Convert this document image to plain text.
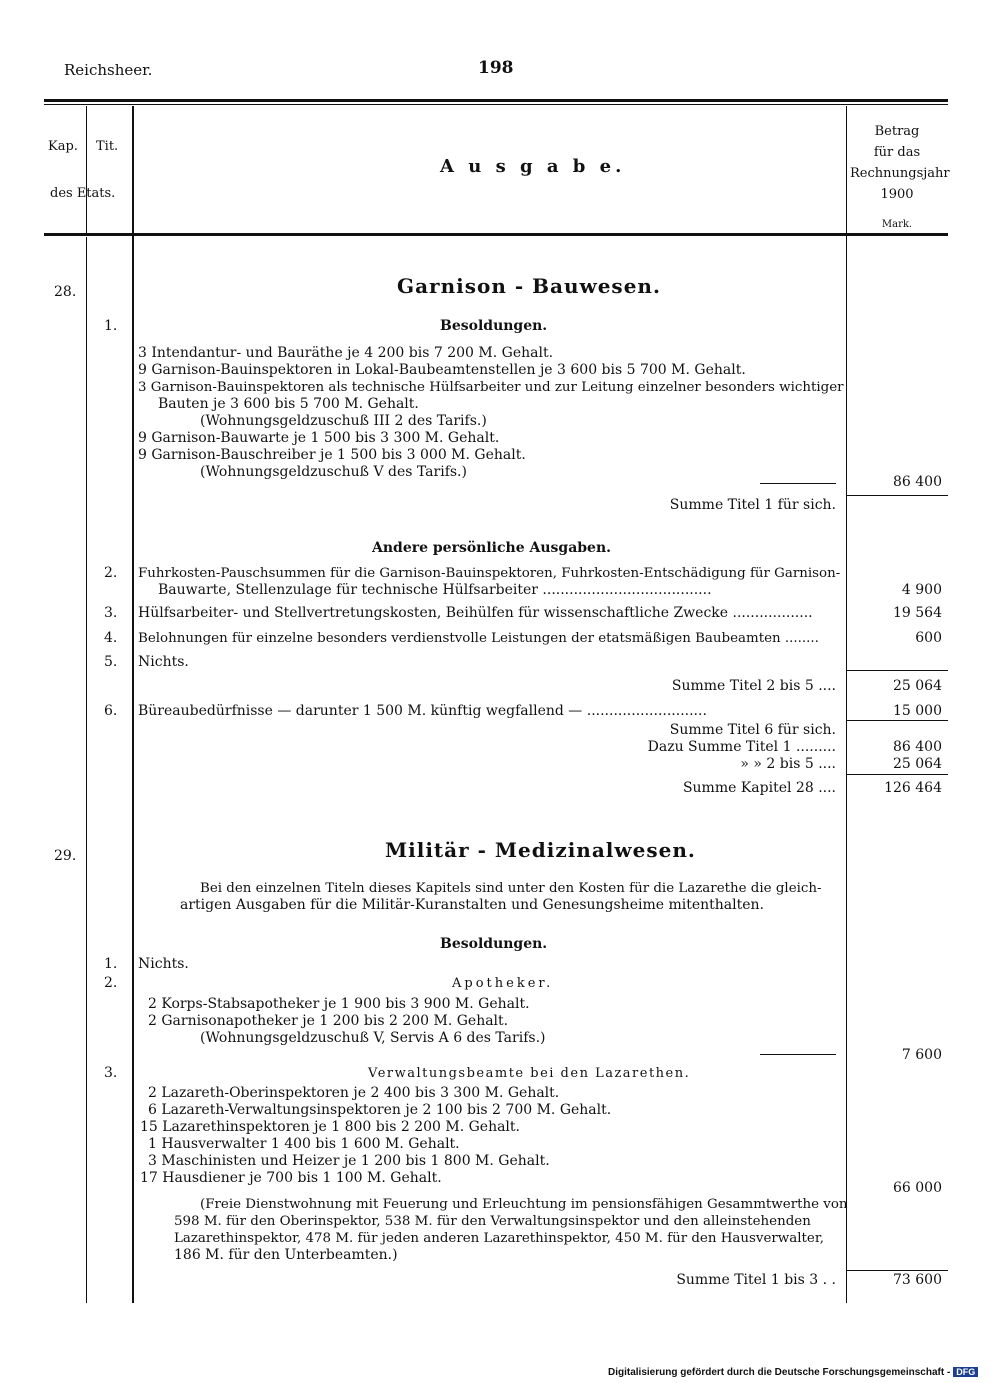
Reichsheer.	198
Kap. Tit.
des Etats.
A u s g a b e.
Betrag
für das
Rechnungsjahr
1900
Mark.
28.	Garnison - Bauwesen.
Besoldungen.
1.
3 Intendantur- und Bauräthe je 4 200 bis 7 200 M. Gehalt.
9 Garnison-Bauinspektoren in Lokal-Baubeamtenstellen je 3 600 bis 5 700 M. Gehalt.
3 Garnison-Bauinspektoren als technische Hülfsarbeiter und zur Leitung einzelner besonders wichtiger
Bauten je 3 600 bis 5 700 M. Gehalt.
(Wohnungsgeldzuschuß III 2 des Tarifs.)
9 Garnison-Bauwarte je 1 500 bis 3 300 M. Gehalt.
9 Garnison-Bauschreiber je 1 500 bis 3 000 M. Gehalt.
(Wohnungsgeldzuschuß V des Tarifs.)
86 400
Summe Titel 1 für sich.
Andere persönliche Ausgaben.
2. Fuhrkosten-Pauschsummen für die Garnison-Bauinspektoren, Fuhrkosten-Entschädigung für Garnison-
Bauwarte, Stellenzulage für technische Hülfsarbeiter ......................................	4 900
3. Hülfsarbeiter- und Stellvertretungskosten, Beihülfen für wissenschaftliche Zwecke ..................	19 564
4. Belohnungen für einzelne besonders verdienstvolle Leistungen der etatsmäßigen Baubeamten ........	600
5. Nichts.
Summe Titel 2 bis 5 ....	25 064
6. Büreaubedürfnisse — darunter 1 500 M. künftig wegfallend — ...........................	15 000
Summe Titel 6 für sich.
Dazu Summe Titel 1 .........	86 400
» » 2 bis 5 ....	25 064
Summe Kapitel 28 ....	126 464
29.	Militär - Medizinalwesen.
Bei den einzelnen Titeln dieses Kapitels sind unter den Kosten für die Lazarethe die gleich-
artigen Ausgaben für die Militär-Kuranstalten und Genesungsheime mitenthalten.
Besoldungen.
1. Nichts.
2.	Apotheker.
2 Korps-Stabsapotheker je 1 900 bis 3 900 M. Gehalt.
2 Garnisonapotheker je 1 200 bis 2 200 M. Gehalt.
(Wohnungsgeldzuschuß V, Servis A 6 des Tarifs.)
7 600
3.	Verwaltungsbeamte bei den Lazarethen.
2 Lazareth-Oberinspektoren je 2 400 bis 3 300 M. Gehalt.
6 Lazareth-Verwaltungsinspektoren je 2 100 bis 2 700 M. Gehalt.
15 Lazarethinspektoren je 1 800 bis 2 200 M. Gehalt.
1 Hausverwalter 1 400 bis 1 600 M. Gehalt.
3 Maschinisten und Heizer je 1 200 bis 1 800 M. Gehalt.
17 Hausdiener je 700 bis 1 100 M. Gehalt.
66 000
(Freie Dienstwohnung mit Feuerung und Erleuchtung im pensionsfähigen Gesammtwerthe von
598 M. für den Oberinspektor, 538 M. für den Verwaltungsinspektor und den alleinstehenden
Lazarethinspektor, 478 M. für jeden anderen Lazarethinspektor, 450 M. für den Hausverwalter,
186 M. für den Unterbeamten.)
Summe Titel 1 bis 3 . .	73 600
Digitalisierung gefördert durch die Deutsche Forschungsgemeinschaft - DFG
